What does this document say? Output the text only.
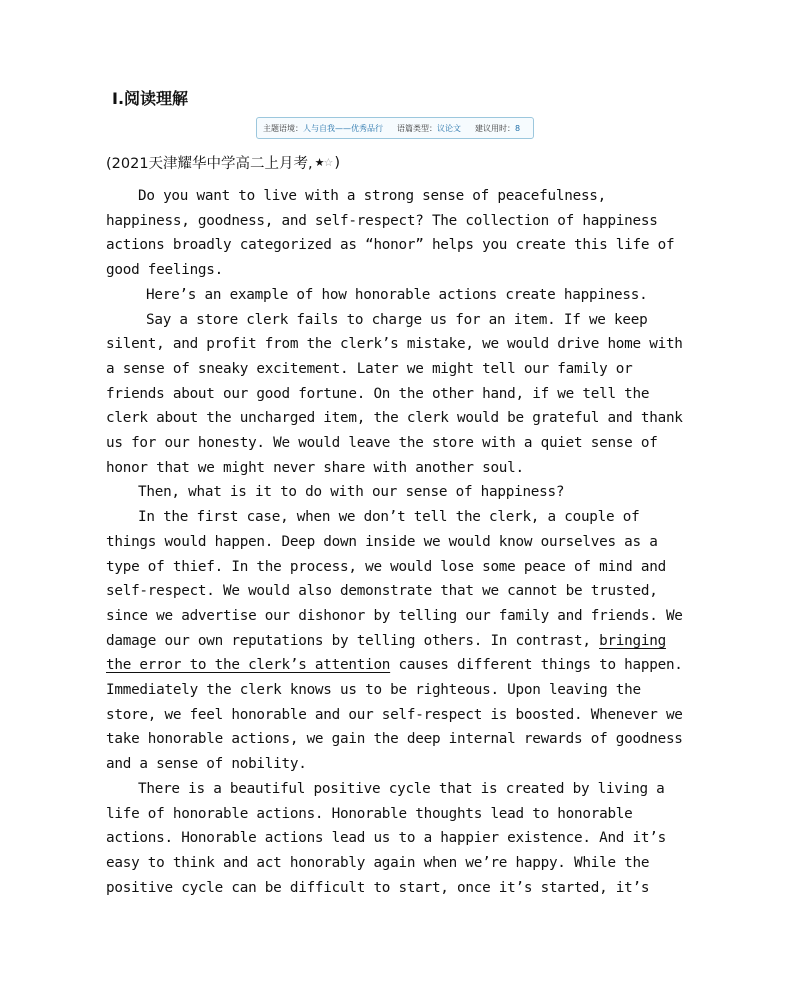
Ⅰ.阅读理解
主题语境： 人与自我——优秀品行 语篇类型： 议论文 建议用时： 8
(2021天津耀华中学高二上月考, ★☆ )

Do you want to live with a strong sense of peacefulness, happiness, goodness, and self-respect? The collection of happiness actions broadly categorized as “honor” helps you create this life of good feelings.

Here’s an example of how honorable actions create happiness.

Say a store clerk fails to charge us for an item. If we keep silent, and profit from the clerk’s mistake, we would drive home with a sense of sneaky excitement. Later we might tell our family or friends about our good fortune. On the other hand, if we tell the clerk about the uncharged item, the clerk would be grateful and thank us for our honesty. We would leave the store with a quiet sense of honor that we might never share with another soul.

Then, what is it to do with our sense of happiness?

In the first case, when we don’t tell the clerk, a couple of things would happen. Deep down inside we would know ourselves as a type of thief. In the process, we would lose some peace of mind and self-respect. We would also demonstrate that we cannot be trusted, since we advertise our dishonor by telling our family and friends. We damage our own reputations by telling others. In contrast, bringing the error to the clerk’s attention causes different things to happen. Immediately the clerk knows us to be righteous. Upon leaving the store, we feel honorable and our self-respect is boosted. Whenever we take honorable actions, we gain the deep internal rewards of goodness and a sense of nobility.

There is a beautiful positive cycle that is created by living a life of honorable actions. Honorable thoughts lead to honorable actions. Honorable actions lead us to a happier existence. And it’s easy to think and act honorably again when we’re happy. While the positive cycle can be difficult to start, once it’s started, it’s
